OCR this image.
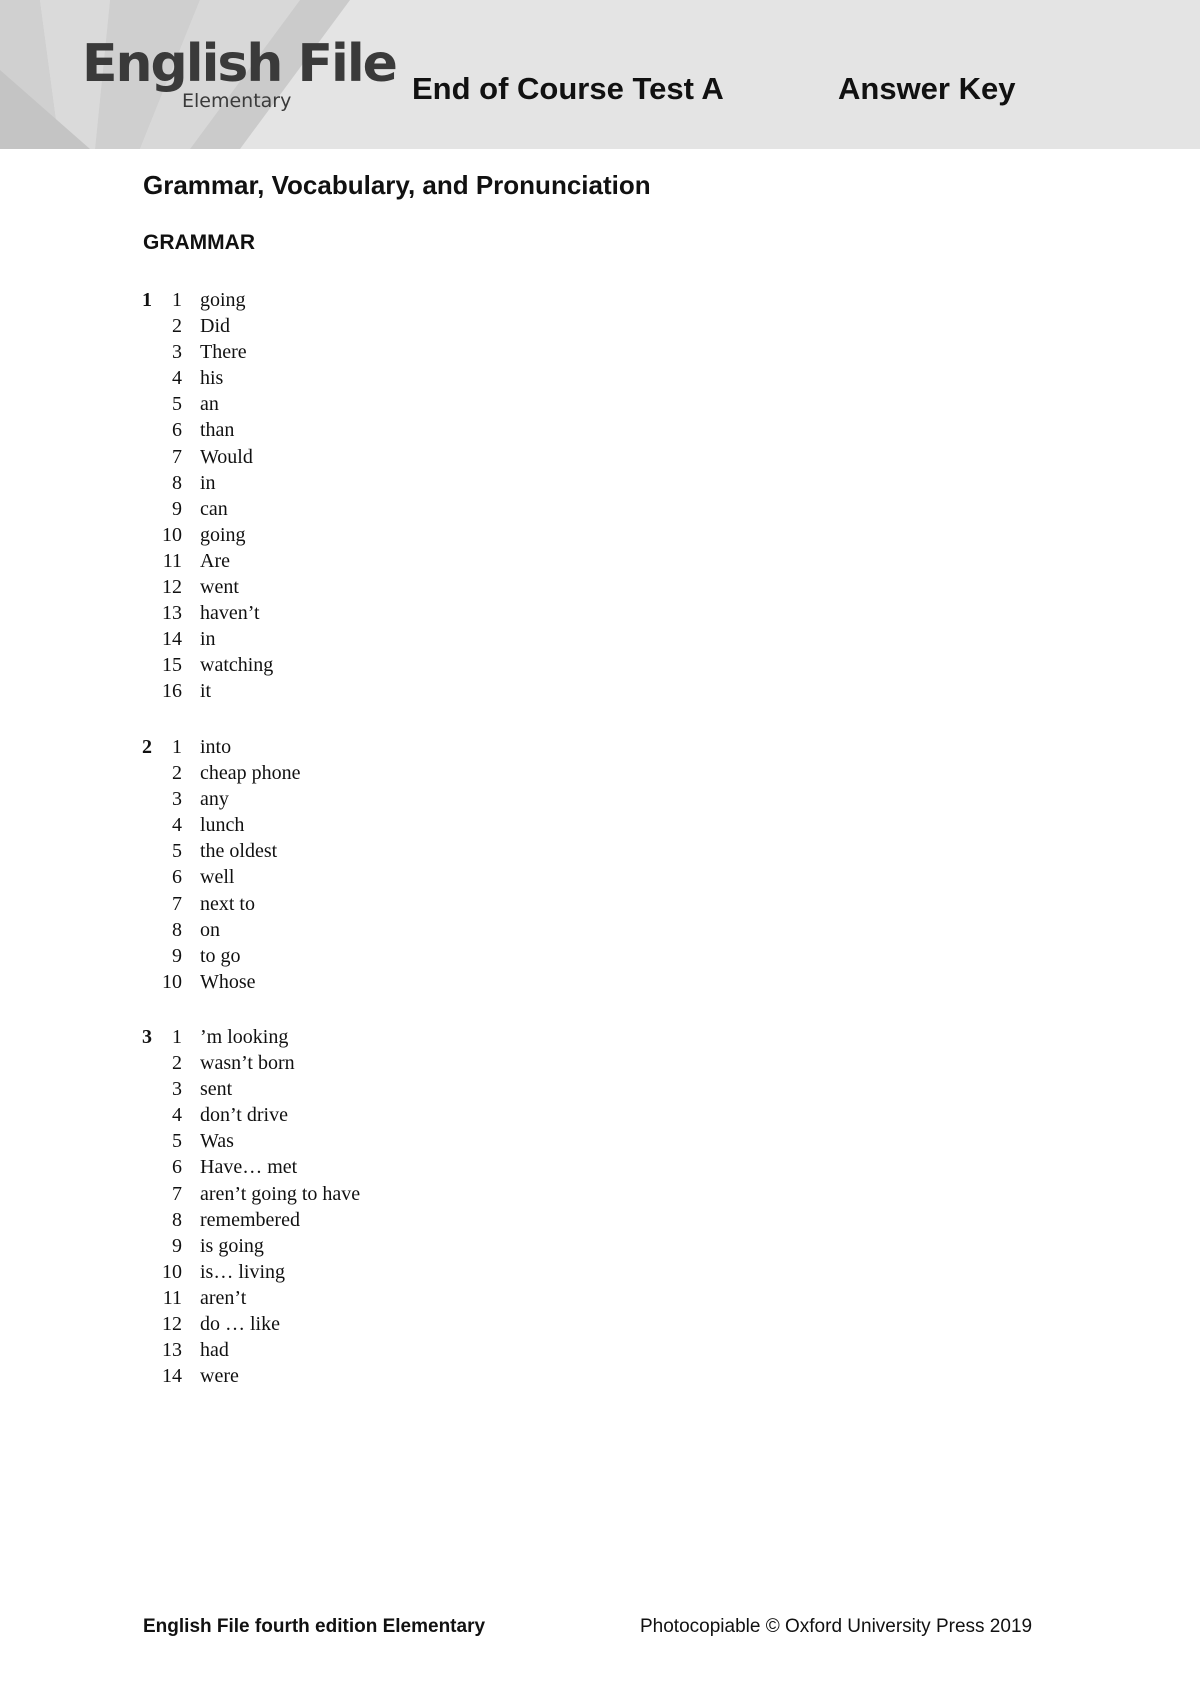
English File
Elementary	End of Course Test A	Answer Key
Grammar, Vocabulary, and Pronunciation
GRAMMAR
1	1 going
2 Did
3 There
4 his
5 an
6 than
7 Would
8 in
9 can
10 going
11 Are
12 went
13 haven’t
14 in
15 watching
16 it
2	1 into
2 cheap phone
3 any
4 lunch
5 the oldest
6 well
7 next to
8 on
9 to go
10 Whose
3	1 ’m looking
2 wasn’t born
3 sent
4 don’t drive
5 Was
6 Have… met
7 aren’t going to have
8 remembered
9 is going
10 is… living
11 aren’t
12 do … like
13 had
14 were
English File fourth edition Elementary	Photocopiable © Oxford University Press 2019
